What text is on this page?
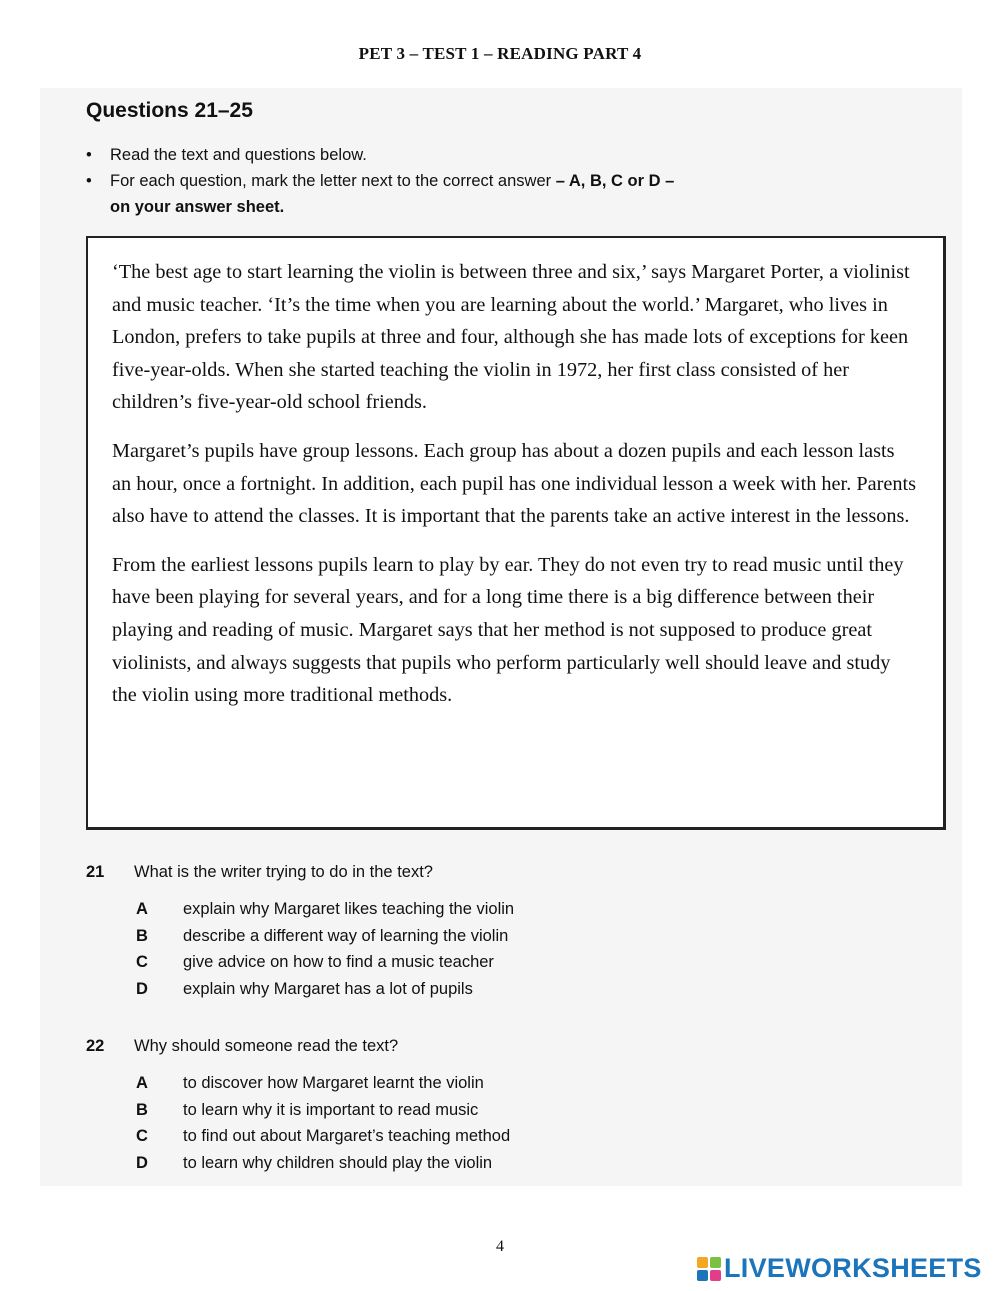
PET 3 – TEST 1 – READING PART 4
Questions 21–25
• Read the text and questions below.
• For each question, mark the letter next to the correct answer – A, B, C or D –
on your answer sheet.

‘The best age to start learning the violin is between three and six,’ says Margaret Porter, a violinist and music teacher. ‘It’s the time when you are learning about the world.’ Margaret, who lives in London, prefers to take pupils at three and four, although she has made lots of exceptions for keen five-year-olds. When she started teaching the violin in 1972, her first class consisted of her children’s five-year-old school friends.

Margaret’s pupils have group lessons. Each group has about a dozen pupils and each lesson lasts an hour, once a fortnight. In addition, each pupil has one individual lesson a week with her. Parents also have to attend the classes. It is important that the parents take an active interest in the lessons.

From the earliest lessons pupils learn to play by ear. They do not even try to read music until they have been playing for several years, and for a long time there is a big difference between their playing and reading of music. Margaret says that her method is not supposed to produce great violinists, and always suggests that pupils who perform particularly well should leave and study the violin using more traditional methods.

21 What is the writer trying to do in the text?
A explain why Margaret likes teaching the violin
B describe a different way of learning the violin
C give advice on how to find a music teacher
D explain why Margaret has a lot of pupils
22 Why should someone read the text?
A to discover how Margaret learnt the violin
B to learn why it is important to read music
C to find out about Margaret’s teaching method
D to learn why children should play the violin
4
LIVEWORKSHEETS
